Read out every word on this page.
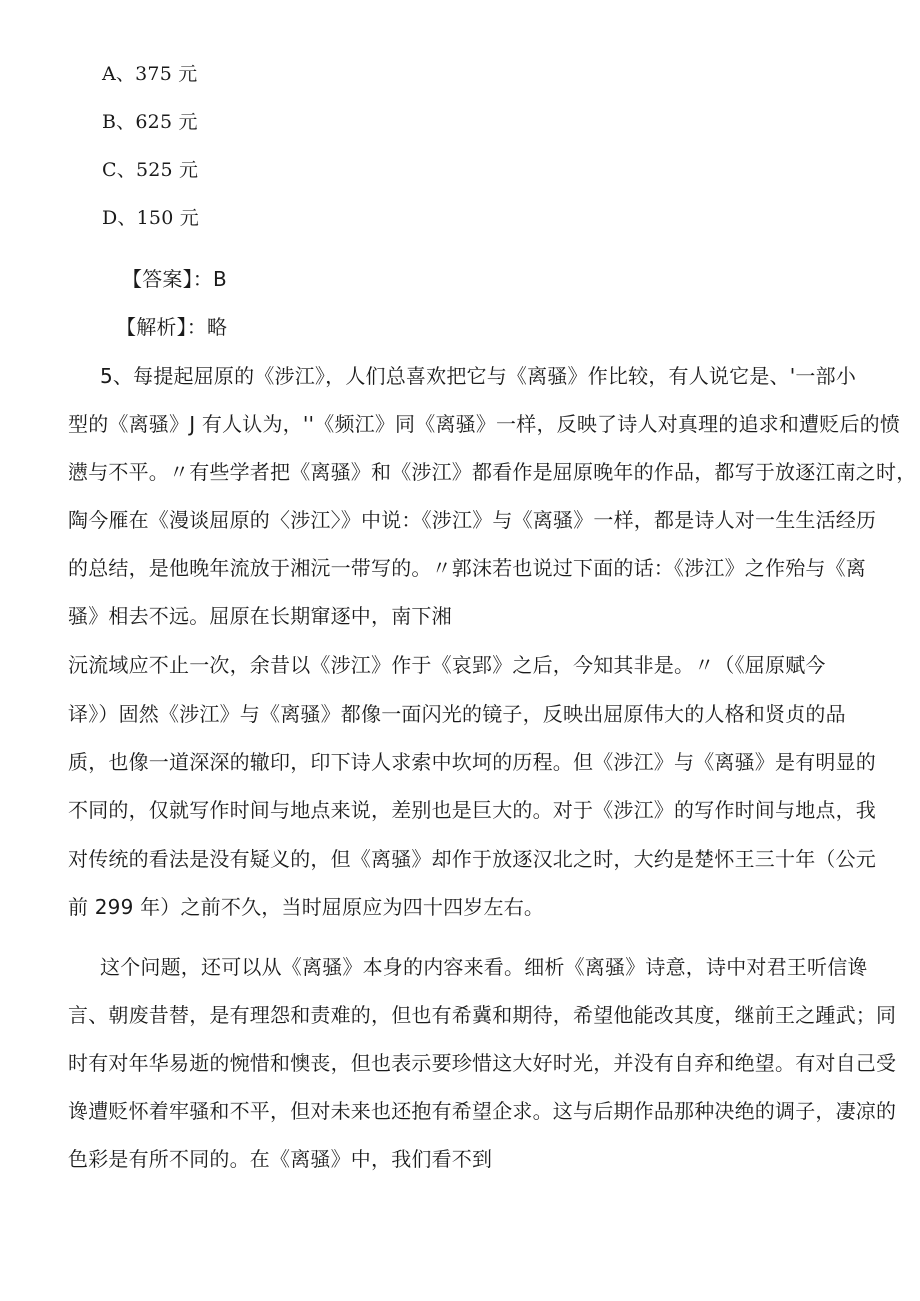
A、375 元
B、625 元
C、525 元
D、150 元
【答案】：B
【解析】：略
5、每提起屈原的《涉江》，人们总喜欢把它与《离骚》作比较，有人说它是、'一部小
型的《离骚》J 有人认为，''《频江》同《离骚》一样，反映了诗人对真理的追求和遭贬后的愤
懑与不平。〃有些学者把《离骚》和《涉江》都看作是屈原晚年的作品，都写于放逐江南之时，
陶今雁在《漫谈屈原的〈涉江〉》中说：《涉江》与《离骚》一样，都是诗人对一生生活经历
的总结，是他晚年流放于湘沅一带写的。〃郭沫若也说过下面的话：《涉江》之作殆与《离
骚》相去不远。屈原在长期窜逐中，南下湘
沅流域应不止一次，余昔以《涉江》作于《哀郢》之后，今知其非是。〃（《屈原赋今
译》）固然《涉江》与《离骚》都像一面闪光的镜子，反映出屈原伟大的人格和贤贞的品
质，也像一道深深的辙印，印下诗人求索中坎坷的历程。但《涉江》与《离骚》是有明显的
不同的，仅就写作时间与地点来说，差别也是巨大的。对于《涉江》的写作时间与地点，我
对传统的看法是没有疑义的，但《离骚》却作于放逐汉北之时，大约是楚怀王三十年（公元
前 299 年）之前不久，当时屈原应为四十四岁左右。
这个问题，还可以从《离骚》本身的内容来看。细析《离骚》诗意，诗中对君王听信谗
言、朝废昔替，是有理怨和责难的，但也有希冀和期待，希望他能改其度，继前王之踵武；同
时有对年华易逝的惋惜和懊丧，但也表示要珍惜这大好时光，并没有自弃和绝望。有对自己受
谗遭贬怀着牢骚和不平，但对未来也还抱有希望企求。这与后期作品那种决绝的调子，凄凉的
色彩是有所不同的。在《离骚》中，我们看不到
